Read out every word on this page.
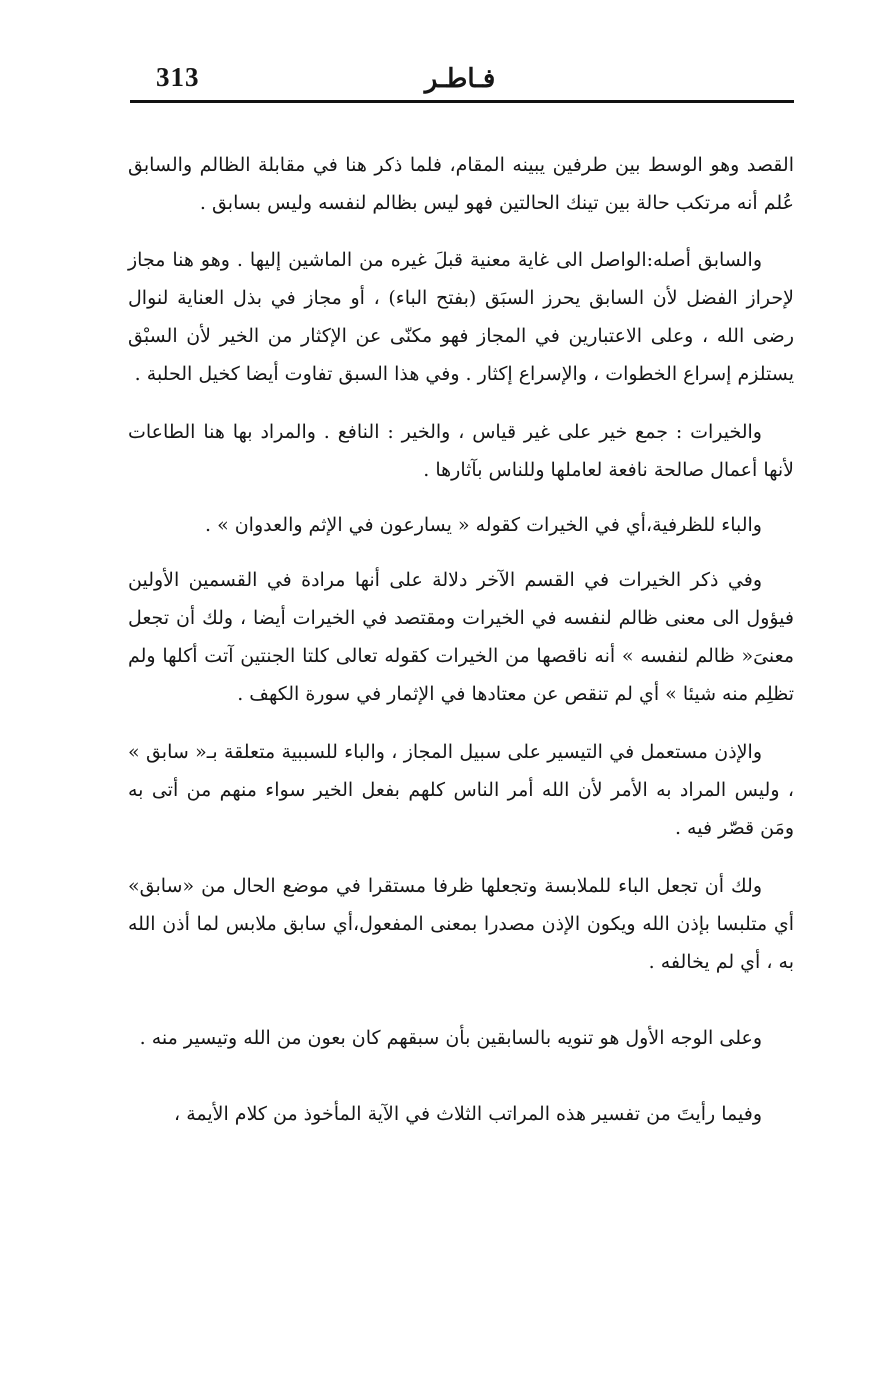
313	فـاطـر

القصد وهو الوسط بين طرفين يبينه المقام، فلما ذكر هنا في مقابلة الظالم والسابق عُلم أنه مرتكب حالة بين تينك الحالتين فهو ليس بظالم لنفسه وليس بسابق .

والسابق أصله:الواصل الى غاية معنية قبلَ غيره من الماشين إليها . وهو هنا مجاز لإحراز الفضل لأن السابق يحرز السبَق (بفتح الباء) ، أو مجاز في بذل العناية لنوال رضى الله ، وعلى الاعتبارين في المجاز فهو مكنّى عن الإكثار من الخير لأن السبْق يستلزم إسراع الخطوات ، والإسراع إكثار . وفي هذا السبق تفاوت أيضا كخيل الحلبة .

والخيرات : جمع خير على غير قياس ، والخير : النافع . والمراد بها هنا الطاعات لأنها أعمال صالحة نافعة لعاملها وللناس بآثارها .

والباء للظرفية،أي في الخيرات كقوله « يسارعون في الإثم والعدوان » .

وفي ذكر الخيرات في القسم الآخر دلالة على أنها مرادة في القسمين الأولين فيؤول الى معنى ظالم لنفسه في الخيرات ومقتصد في الخيرات أيضا ، ولك أن تجعل معنىَ« ظالم لنفسه » أنه ناقصها من الخيرات كقوله تعالى كلتا الجنتين آتت أكلها ولم تظلِم منه شيئا » أي لم تنقص عن معتادها في الإثمار في سورة الكهف .

والإذن مستعمل في التيسير على سبيل المجاز ، والباء للسببية متعلقة بـ« سابق » ، وليس المراد به الأمر لأن الله أمر الناس كلهم بفعل الخير سواء منهم من أتى به ومَن قصّر فيه .

ولك أن تجعل الباء للملابسة وتجعلها ظرفا مستقرا في موضع الحال من «سابق» أي متلبسا بإذن الله ويكون الإذن مصدرا بمعنى المفعول،أي سابق ملابس لما أذن الله به ، أي لم يخالفه .

وعلى الوجه الأول هو تنويه بالسابقين بأن سبقهم كان بعون من الله وتيسير منه .

وفيما رأيتَ من تفسير هذه المراتب الثلاث في الآية المأخوذ من كلام الأيمة ،
